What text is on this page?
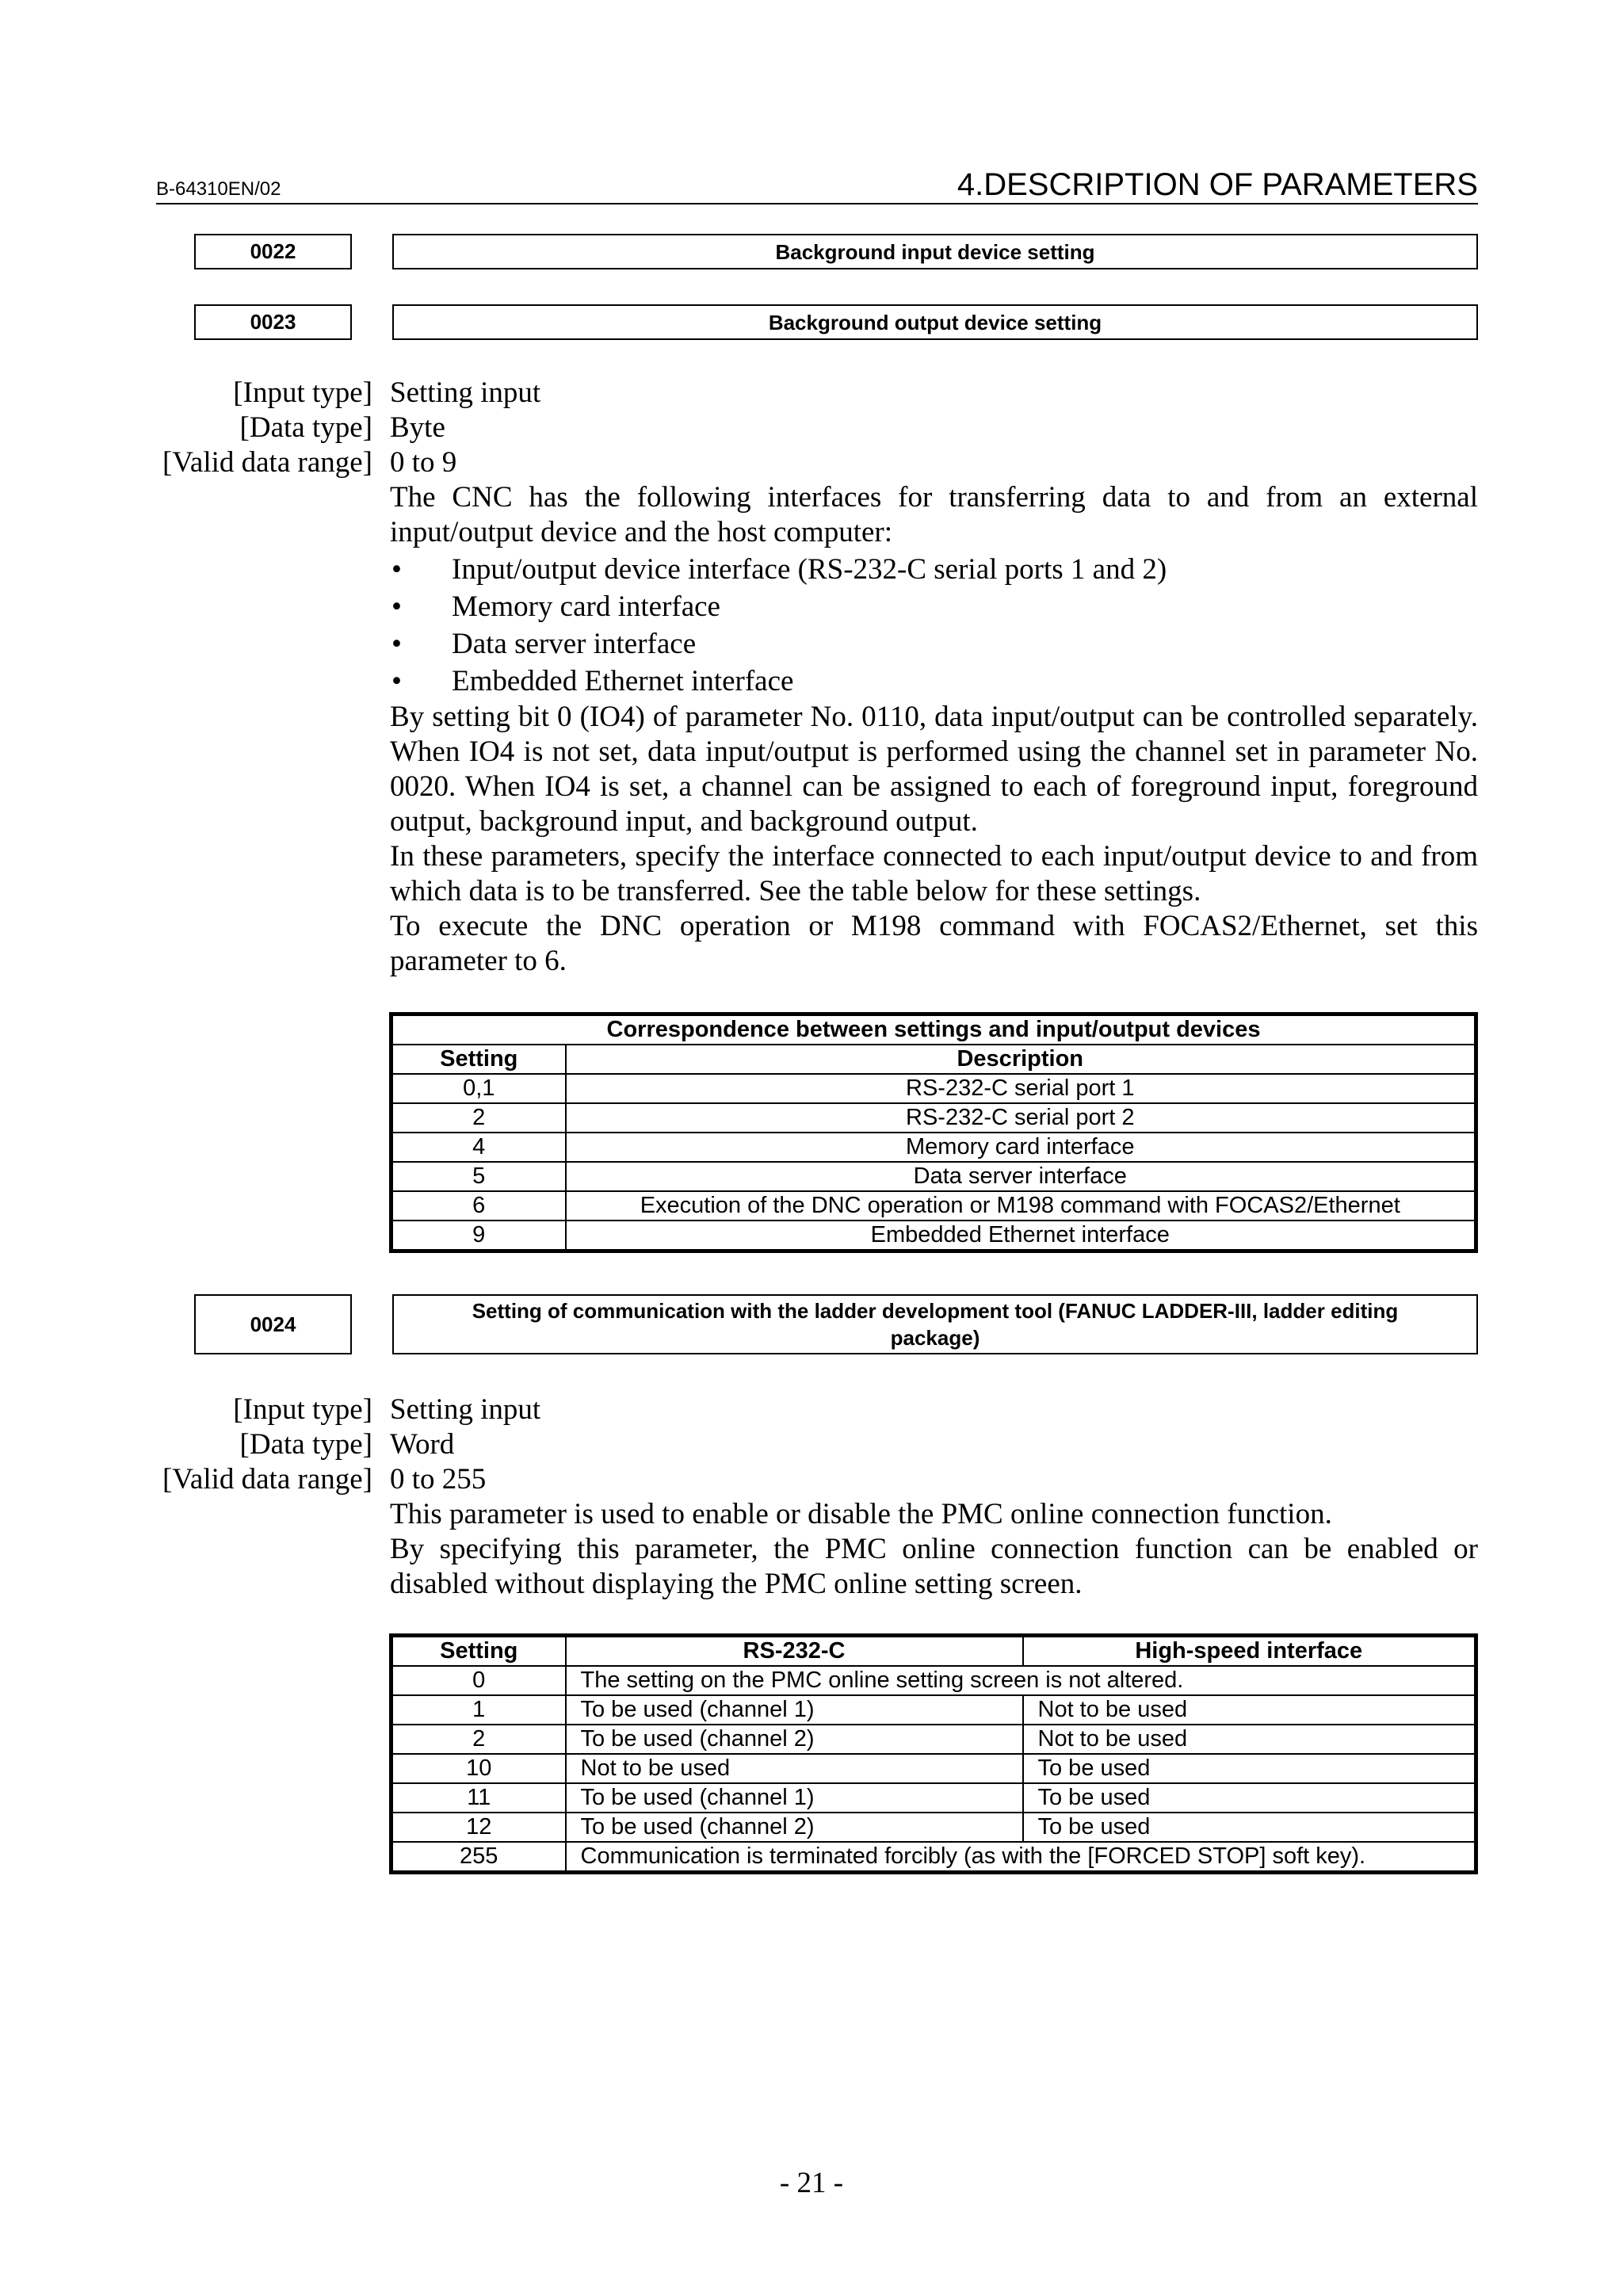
B-64310EN/02	4.DESCRIPTION OF PARAMETERS
0022	Background input device setting
0023	Background output device setting
[Input type] Setting input
[Data type] Byte
[Valid data range] 0 to 9
The CNC has the following interfaces for transferring data to and from an external input/output device and the host computer:
• Input/output device interface (RS-232-C serial ports 1 and 2)
• Memory card interface
• Data server interface
• Embedded Ethernet interface
By setting bit 0 (IO4) of parameter No. 0110, data input/output can be controlled separately. When IO4 is not set, data input/output is performed using the channel set in parameter No. 0020. When IO4 is set, a channel can be assigned to each of foreground input, foreground output, background input, and background output.
In these parameters, specify the interface connected to each input/output device to and from which data is to be transferred. See the table below for these settings.
To execute the DNC operation or M198 command with FOCAS2/Ethernet, set this parameter to 6.
Correspondence between settings and input/output devices	
Setting	Description
0,1	RS-232-C serial port 1
2	RS-232-C serial port 2
4	Memory card interface
5	Data server interface
6	Execution of the DNC operation or M198 command with FOCAS2/Ethernet
9	Embedded Ethernet interface
0024
Setting of communication with the ladder development tool (FANUC LADDER-III, ladder editing package)
[Input type] Setting input
[Data type] Word
[Valid data range] 0 to 255
This parameter is used to enable or disable the PMC online connection function.
By specifying this parameter, the PMC online connection function can be enabled or disabled without displaying the PMC online setting screen.
Setting	RS-232-C	High-speed interface
0	The setting on the PMC online setting screen is not altered.	
1	To be used (channel 1)	Not to be used
2	To be used (channel 2)	Not to be used
10	Not to be used	To be used
11	To be used (channel 1)	To be used
12	To be used (channel 2)	To be used
255	Communication is terminated forcibly (as with the [FORCED STOP] soft key).	
- 21 -
